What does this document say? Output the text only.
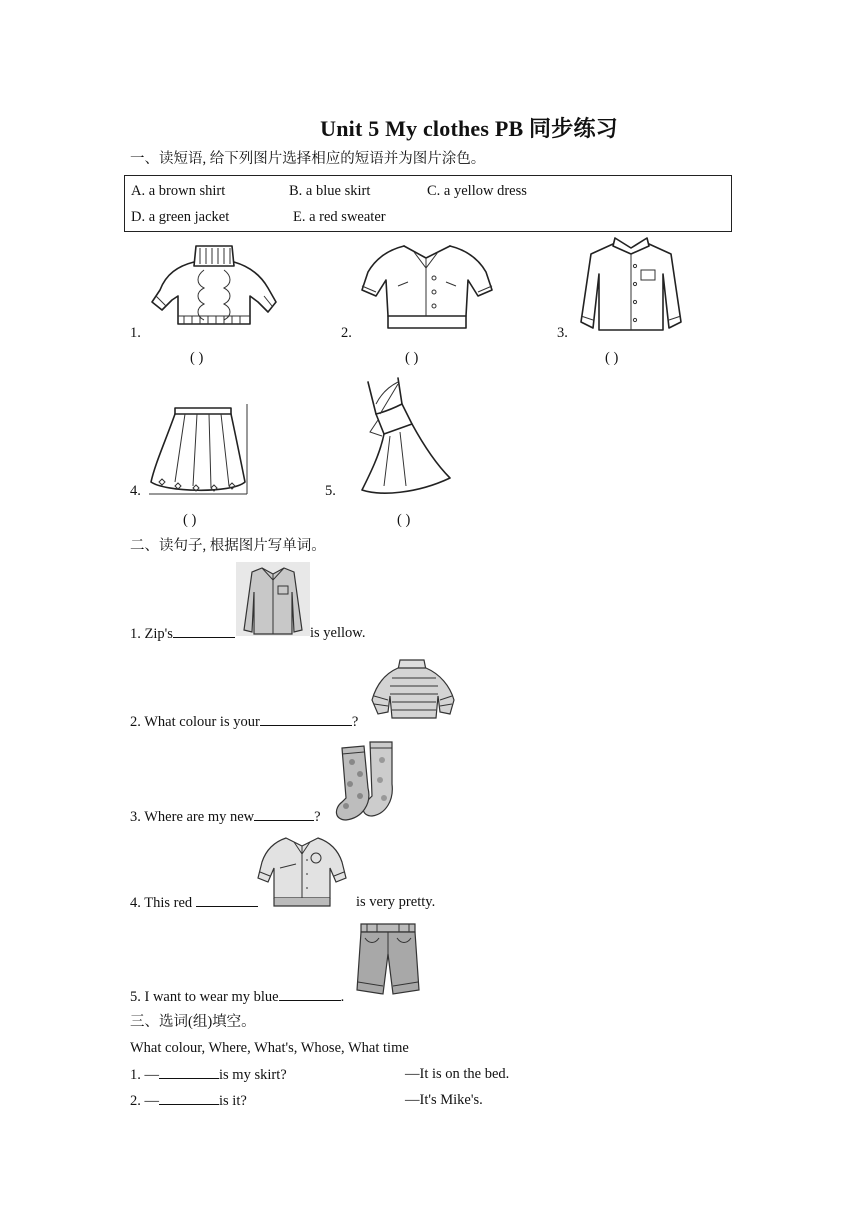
Unit 5 My clothes PB 同步练习
一、读短语, 给下列图片选择相应的短语并为图片涂色。
A. a brown shirt	B. a blue skirt	C. a yellow dress
D. a green jacket	E. a red sweater
1.
( )
2.
( )
3.
( )
4.
( )
5.
( )
二、读句子, 根据图片写单词。
1. Zip's	is yellow.
2. What colour is your	?
3. Where are my new	?
4. This red	is very pretty.
5. I want to wear my blue	.
三、选词(组)填空。
What colour, Where, What's, Whose, What time
1. —	is my skirt?	—It is on the bed.
2. —	is it?	—It's Mike's.
